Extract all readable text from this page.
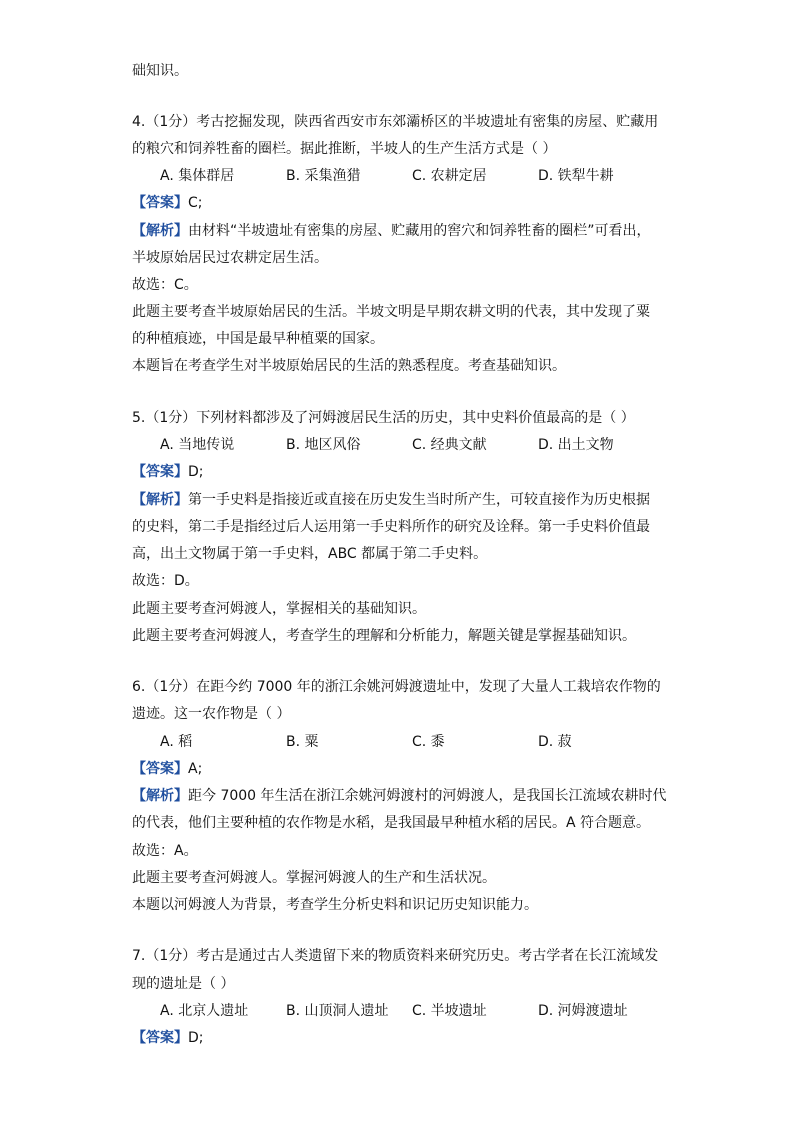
础知识。
4.（1分）考古挖掘发现，陕西省西安市东郊灞桥区的半坡遗址有密集的房屋、贮藏用
的粮穴和饲养牲畜的圈栏。据此推断，半坡人的生产生活方式是（ ）
A. 集体群居	B. 采集渔猎	C. 农耕定居	D. 铁犁牛耕
【答案】C;
【解析】由材料“半坡遗址有密集的房屋、贮藏用的窖穴和饲养牲畜的圈栏”可看出，
半坡原始居民过农耕定居生活。
故选：C。
此题主要考查半坡原始居民的生活。半坡文明是早期农耕文明的代表，其中发现了粟
的种植痕迹，中国是最早种植粟的国家。
本题旨在考查学生对半坡原始居民的生活的熟悉程度。考查基础知识。
5.（1分）下列材料都涉及了河姆渡居民生活的历史，其中史料价值最高的是（ ）
A. 当地传说	B. 地区风俗	C. 经典文献	D. 出土文物
【答案】D;
【解析】第一手史料是指接近或直接在历史发生当时所产生，可较直接作为历史根据
的史料，第二手是指经过后人运用第一手史料所作的研究及诠释。第一手史料价值最
高，出土文物属于第一手史料，ABC 都属于第二手史料。
故选：D。
此题主要考查河姆渡人，掌握相关的基础知识。
此题主要考查河姆渡人，考查学生的理解和分析能力，解题关键是掌握基础知识。
6.（1分）在距今约 7000 年的浙江余姚河姆渡遗址中，发现了大量人工栽培农作物的
遗迹。这一农作物是（ ）
A. 稻	B. 粟	C. 黍	D. 菽
【答案】A;
【解析】距今 7000 年生活在浙江余姚河姆渡村的河姆渡人，是我国长江流域农耕时代
的代表，他们主要种植的农作物是水稻，是我国最早种植水稻的居民。A 符合题意。
故选：A。
此题主要考查河姆渡人。掌握河姆渡人的生产和生活状况。
本题以河姆渡人为背景，考查学生分析史料和识记历史知识能力。
7.（1分）考古是通过古人类遗留下来的物质资料来研究历史。考古学者在长江流域发
现的遗址是（ ）
A. 北京人遗址	B. 山顶洞人遗址 C. 半坡遗址	D. 河姆渡遗址
【答案】D;
